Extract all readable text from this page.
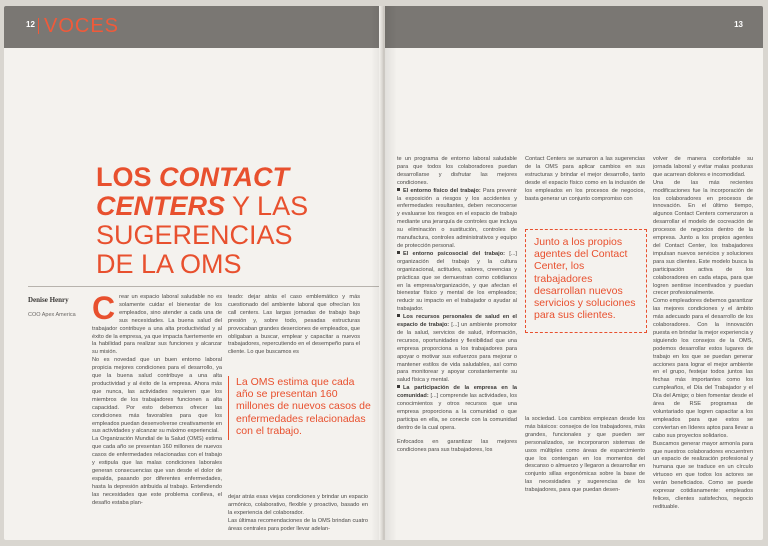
12 VOCES
LOS CONTACT
CENTERS Y LAS
SUGERENCIAS
DE LA OMS
Denise Henry
COO Apex America Crear un espacio laboral saludable no es solamente cuidar el bienestar de los empleados, sino atender a cada una de sus necesidades. La buena salud del trabajador contribuye a una alta productividad y al éxito de la empresa, ya que impacta fuertemente en la habilidad para realizar sus funciones y alcanzar su misión.

No es novedad que un buen entorno laboral propicia mejores condiciones para el desarrollo, ya que la buena salud contribuye a una alta productividad y al éxito de la empresa. Ahora más que nunca, las actividades requieren que los miembros de los trabajadores funcionen a alta capacidad. Por esto debemos ofrecer las condiciones más favorables para que los empleados puedan desenvolverse creativamente en sus actividades y alcanzar su máximo experiencial.

La Organización Mundial de la Salud (OMS) estima que cada año se presentan 160 millones de nuevos casos de enfermedades relacionadas con el trabajo y estipula que las malas condiciones laborales generan consecuencias que van desde el dolor de espalda, pasando por diferentes enfermedades, hasta la depresión atribuida al trabajo. Entendiendo las necesidades que este problema conlleva, el desafío estaba plan-

teado: dejar atrás el caso emblemático y más cuestionado del ambiente laboral que ofrecían los call centers. Las largas jornadas de trabajo bajo presión y, sobre todo, pesadas estructuras provocaban grandes deserciones de empleados, que obligaban a buscar, emplear y capacitar a nuevos trabajadores, repercutiendo en el desempeño para el cliente. Lo que buscamos es

La OMS estima que cada año se presentan 160 millones de nuevos casos de enfermedades relacionadas con el trabajo.

dejar atrás esas viejas condiciones y brindar un espacio armónico, colaborativo, flexible y proactivo, basado en la experiencia del colaborador.

Las últimas recomendaciones de la OMS brindan cuatro áreas centrales para poder llevar adelan-

13

te un programa de entorno laboral saludable para que todos los colaboradores puedan desarrollarse y disfrutar las mejores condiciones.

El entorno físico del trabajo: Para prevenir la exposición a riesgos y los accidentes y enfermedades resultantes, deben reconocerse y evaluarse los riesgos en el espacio de trabajo mediante una jerarquía de controles que incluya su eliminación o sustitución, controles de manufactura, controles administrativos y equipo de protección personal.

El entorno psicosocial del trabajo: [...] organización del trabajo y la cultura organizacional, actitudes, valores, creencias y prácticas que se demuestran como cotidianos en la empresa/organización, y que afectan el bienestar físico y mental de los empleados; reducir su impacto en el trabajador o ayudar al trabajador.

Los recursos personales de salud en el espacio de trabajo: [...] un ambiente promotor de la salud, servicios de salud, información, recursos, oportunidades y flexibilidad que una empresa proporciona a los trabajadores para apoyar o motivar sus esfuerzos para mejorar o mantener estilos de vida saludables, así como para monitorear y apoyar constantemente su salud física y mental.

La participación de la empresa en la comunidad: [...] comprende las actividades, los conocimientos y otros recursos que una empresa proporciona a la comunidad o que participa en ella, se conecte con la comunidad dentro de la cual opera.

Enfocados en garantizar las mejores condiciones para sus trabajadores, los

Contact Centers se sumaron a las sugerencias de la OMS para aplicar cambios en sus estructuras y brindar el mejor desarrollo, tanto desde el espacio físico como en la inclusión de los empleados en los procesos de negocios, basta generar un conjunto compromiso con

Junto a los propios agentes del Contact Center, los trabajadores desarrollan nuevos servicios y soluciones para sus clientes.

la sociedad. Los cambios empiezan desde los más básicos: consejos de los trabajadores, más grandes, funcionales y que pueden ser personalizados, se incorporaron sistemas de usos múltiples como áreas de esparcimiento que los contengan en los momentos del descanso o almuerzo y llegaron a desarrollar en conjunto sillas ergonómicas sobre la base de las necesidades y sugerencias de los trabajadores, para que puedan desen-

volver de manera confortable su jornada laboral y evitar malas posturas que acarrean dolores e incomodidad.

Una de las más recientes modificaciones fue la incorporación de los colaboradores en procesos de innovación. En el último tiempo, algunos Contact Centers comenzaron a desarrollar el modelo de cocreación de procesos de negocios dentro de la empresa. Junto a los propios agentes del Contact Center, los trabajadores impulsan nuevos servicios y soluciones para sus clientes. Este modelo busca la participación activa de los colaboradores en cada etapa, para que logren sentirse incentivados y puedan crecer profesionalmente.

Como empleadores debemos garantizar las mejores condiciones y el ámbito más adecuado para el desarrollo de los colaboradores. Con la innovación puesta en brindar la mejor experiencia y siguiendo los consejos de la OMS, podemos desarrollar estos lugares de trabajo en los que se puedan generar acciones para lograr el mejor ambiente en el grupo, festejar todos juntos las fechas más importantes como los cumpleaños, el Día del Trabajador y el Día del Amigo; o bien fomentar desde el área de RSE programas de voluntariado que logren capacitar a los empleados para que estos se conviertan en líderes aptos para llevar a cabo sus proyectos solidarios.

Buscamos generar mayor armonía para que nuestros colaboradores encuentren un espacio de realización profesional y humana que se traduce en un círculo virtuoso en que todos los actores se verán beneficiados. Como se puede expresar cotidianamente: empleados felices, clientes satisfechos, negocio redituable.
